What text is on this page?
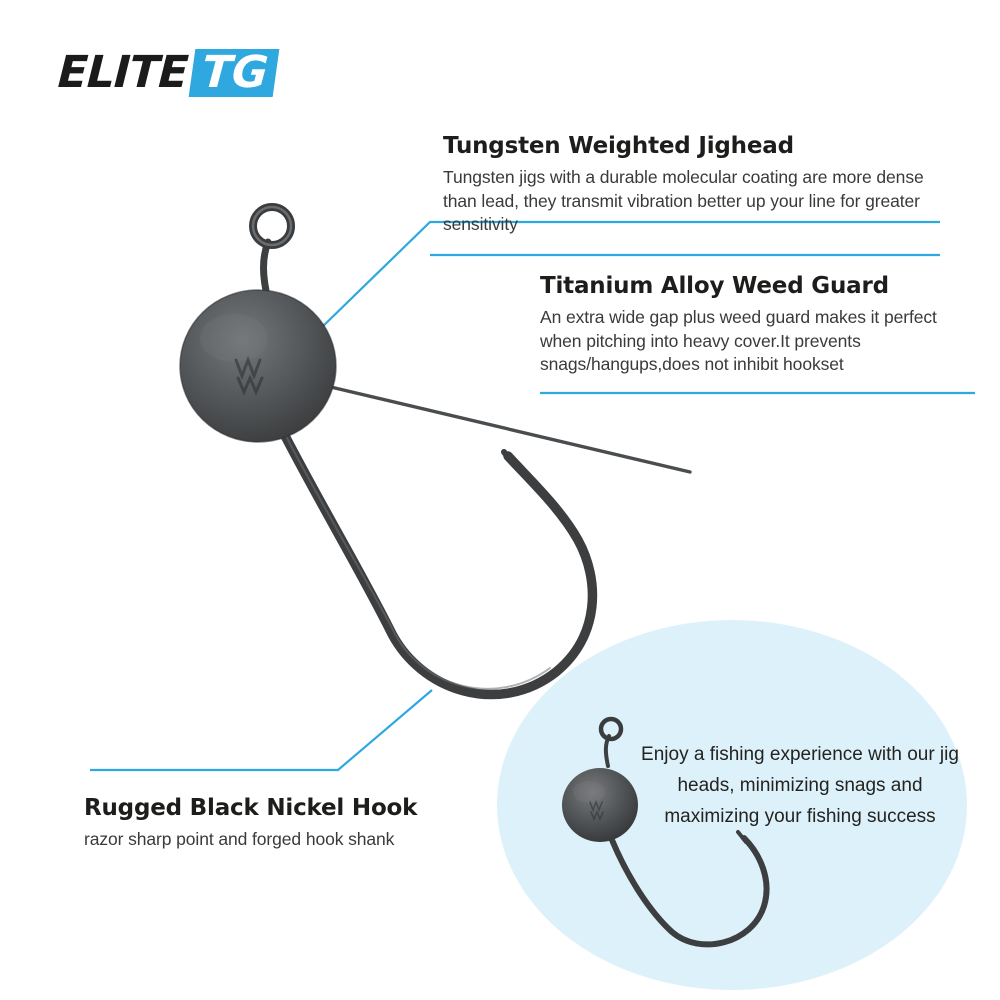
ELITE TG

Tungsten Weighted Jighead

Tungsten jigs with a durable molecular coating are more dense than lead, they transmit vibration better up your line for greater sensitivity

Titanium Alloy Weed Guard

An extra wide gap plus weed guard makes it perfect when pitching into heavy cover.It prevents snags/hangups,does not inhibit hookset

Rugged Black Nickel Hook

razor sharp point and forged hook shank

Enjoy a fishing experience with our jig heads, minimizing snags and maximizing your fishing success
